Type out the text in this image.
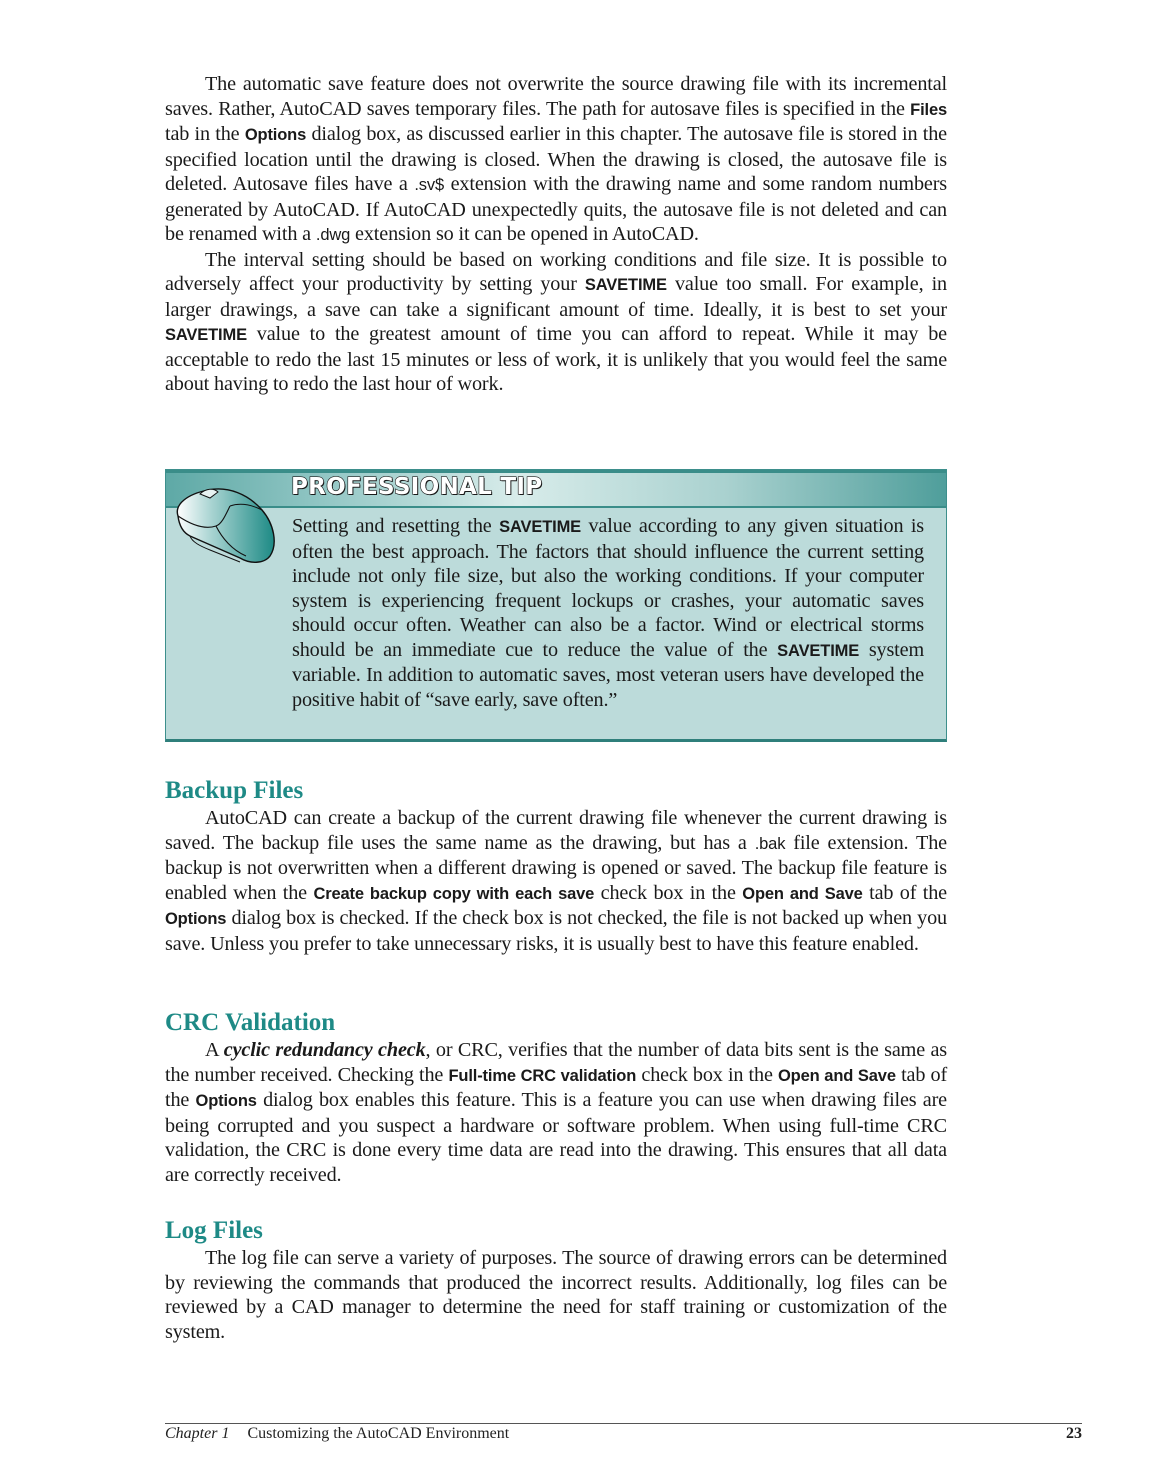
The automatic save feature does not overwrite the source drawing file with its incremental saves. Rather, AutoCAD saves temporary files. The path for autosave files is specified in the Files tab in the Options dialog box, as discussed earlier in this chapter. The autosave file is stored in the specified location until the drawing is closed. When the drawing is closed, the autosave file is deleted. Autosave files have a .sv$ extension with the drawing name and some random numbers generated by AutoCAD. If AutoCAD unexpectedly quits, the autosave file is not deleted and can be renamed with a .dwg extension so it can be opened in AutoCAD.

The interval setting should be based on working conditions and file size. It is possible to adversely affect your productivity by setting your SAVETIME value too small. For example, in larger drawings, a save can take a significant amount of time. Ideally, it is best to set your SAVETIME value to the greatest amount of time you can afford to repeat. While it may be acceptable to redo the last 15 minutes or less of work, it is unlikely that you would feel the same about having to redo the last hour of work.

PROFESSIONAL TIP

Setting and resetting the SAVETIME value according to any given situation is often the best approach. The factors that should influence the current setting include not only file size, but also the working conditions. If your computer system is experiencing frequent lockups or crashes, your automatic saves should occur often. Weather can also be a factor. Wind or electrical storms should be an immediate cue to reduce the value of the SAVETIME system variable. In addition to automatic saves, most veteran users have developed the positive habit of “save early, save often.”

Backup Files

AutoCAD can create a backup of the current drawing file whenever the current drawing is saved. The backup file uses the same name as the drawing, but has a .bak file extension. The backup is not overwritten when a different drawing is opened or saved. The backup file feature is enabled when the Create backup copy with each save check box in the Open and Save tab of the Options dialog box is checked. If the check box is not checked, the file is not backed up when you save. Unless you prefer to take unnecessary risks, it is usually best to have this feature enabled.

CRC Validation

A cyclic redundancy check, or CRC, verifies that the number of data bits sent is the same as the number received. Checking the Full-time CRC validation check box in the Open and Save tab of the Options dialog box enables this feature. This is a feature you can use when drawing files are being corrupted and you suspect a hardware or software problem. When using full-time CRC validation, the CRC is done every time data are read into the drawing. This ensures that all data are correctly received.

Log Files

The log file can serve a variety of purposes. The source of drawing errors can be determined by reviewing the commands that produced the incorrect results. Additionally, log files can be reviewed by a CAD manager to determine the need for staff training or customization of the system.

Chapter 1 Customizing the AutoCAD Environment	23
